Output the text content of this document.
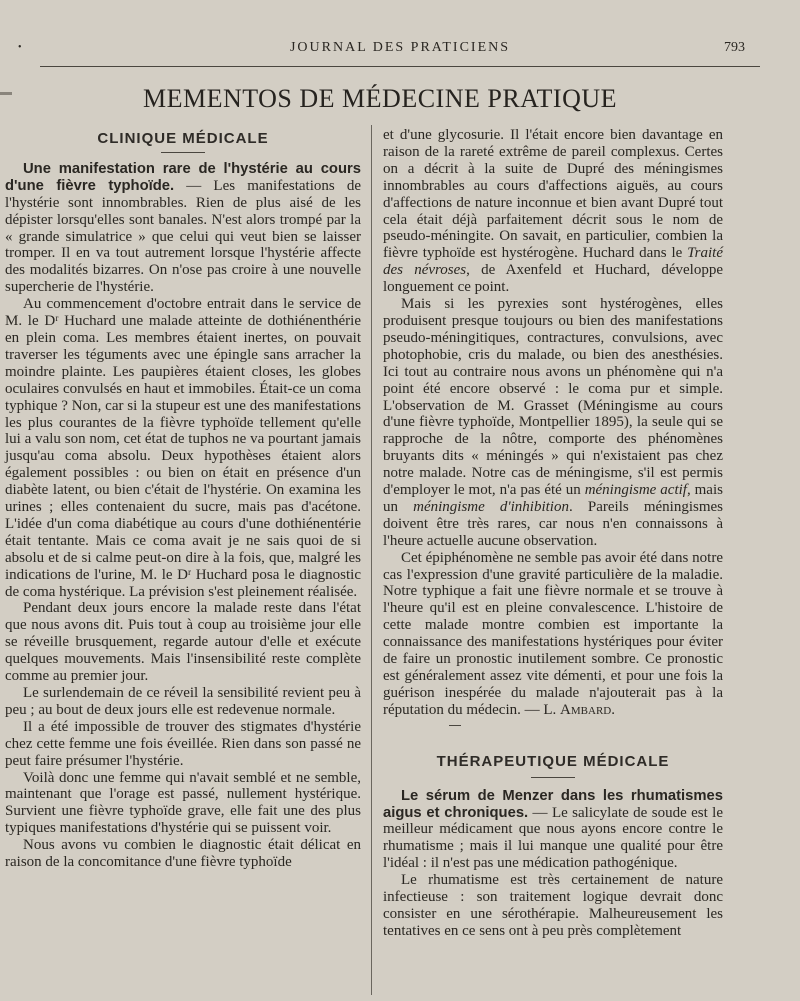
•	JOURNAL DES PRATICIENS	793
MEMENTOS DE MÉDECINE PRATIQUE
CLINIQUE MÉDICALE

Une manifestation rare de l'hystérie au cours d'une fièvre typhoïde. — Les manifestations de l'hystérie sont innombrables. Rien de plus aisé de les dépister lorsqu'elles sont banales. N'est alors trompé par la « grande simulatrice » que celui qui veut bien se laisser tromper. Il en va tout autrement lorsque l'hystérie affecte des modalités bizarres. On n'ose pas croire à une nouvelle supercherie de l'hystérie.

Au commencement d'octobre entrait dans le service de M. le Dʳ Huchard une malade atteinte de dothiénenthérie en plein coma. Les membres étaient inertes, on pouvait traverser les téguments avec une épingle sans arracher la moindre plainte. Les paupières étaient closes, les globes oculaires convulsés en haut et immobiles. Était-ce un coma typhique ? Non, car si la stupeur est une des manifestations les plus courantes de la fièvre typhoïde tellement qu'elle lui a valu son nom, cet état de tuphos ne va pourtant jamais jusqu'au coma absolu. Deux hypothèses étaient alors également possibles : ou bien on était en présence d'un diabète latent, ou bien c'était de l'hystérie. On examina les urines ; elles contenaient du sucre, mais pas d'acétone. L'idée d'un coma diabétique au cours d'une dothiénentérie était tentante. Mais ce coma avait je ne sais quoi de si absolu et de si calme peut-on dire à la fois, que, malgré les indications de l'urine, M. le Dʳ Huchard posa le diagnostic de coma hystérique. La prévision s'est pleinement réalisée.

Pendant deux jours encore la malade reste dans l'état que nous avons dit. Puis tout à coup au troisième jour elle se réveille brusquement, regarde autour d'elle et exécute quelques mouvements. Mais l'insensibilité reste complète comme au premier jour.

Le surlendemain de ce réveil la sensibilité revient peu à peu ; au bout de deux jours elle est redevenue normale.

Il a été impossible de trouver des stigmates d'hystérie chez cette femme une fois éveillée. Rien dans son passé ne peut faire présumer l'hystérie.

Voilà donc une femme qui n'avait semblé et ne semble, maintenant que l'orage est passé, nullement hystérique. Survient une fièvre typhoïde grave, elle fait une des plus typiques manifestations d'hystérie qui se puissent voir.

Nous avons vu combien le diagnostic était délicat en raison de la concomitance d'une fièvre typhoïde

et d'une glycosurie. Il l'était encore bien davantage en raison de la rareté extrême de pareil complexus. Certes on a décrit à la suite de Dupré des méningismes innombrables au cours d'affections aiguës, au cours d'affections de nature inconnue et bien avant Dupré tout cela était déjà parfaitement décrit sous le nom de pseudo-méningite. On savait, en particulier, combien la fièvre typhoïde est hystérogène. Huchard dans le Traité des névroses, de Axenfeld et Huchard, développe longuement ce point.

Mais si les pyrexies sont hystérogènes, elles produisent presque toujours ou bien des manifestations pseudo-méningitiques, contractures, convulsions, avec photophobie, cris du malade, ou bien des anesthésies. Ici tout au contraire nous avons un phénomène qui n'a point été encore observé : le coma pur et simple. L'observation de M. Grasset (Méningisme au cours d'une fièvre typhoïde, Montpellier 1895), la seule qui se rapproche de la nôtre, comporte des phénomènes bruyants dits « méningés » qui n'existaient pas chez notre malade. Notre cas de méningisme, s'il est permis d'employer le mot, n'a pas été un méningisme actif, mais un méningisme d'inhibition. Pareils méningismes doivent être très rares, car nous n'en connaissons à l'heure actuelle aucune observation.

Cet épiphénomène ne semble pas avoir été dans notre cas l'expression d'une gravité particulière de la maladie. Notre typhique a fait une fièvre normale et se trouve à l'heure qu'il est en pleine convalescence. L'histoire de cette malade montre combien est importante la connaissance des manifestations hystériques pour éviter de faire un pronostic inutilement sombre. Ce pronostic est généralement assez vite démenti, et pour une fois la guérison inespérée du malade n'ajouterait pas à la réputation du médecin. — L. Ambard.

THÉRAPEUTIQUE MÉDICALE

Le sérum de Menzer dans les rhumatismes aigus et chroniques. — Le salicylate de soude est le meilleur médicament que nous ayons encore contre le rhumatisme ; mais il lui manque une qualité pour être l'idéal : il n'est pas une médication pathogénique.

Le rhumatisme est très certainement de nature infectieuse : son traitement logique devrait donc consister en une sérothérapie. Malheureusement les tentatives en ce sens ont à peu près complètement
